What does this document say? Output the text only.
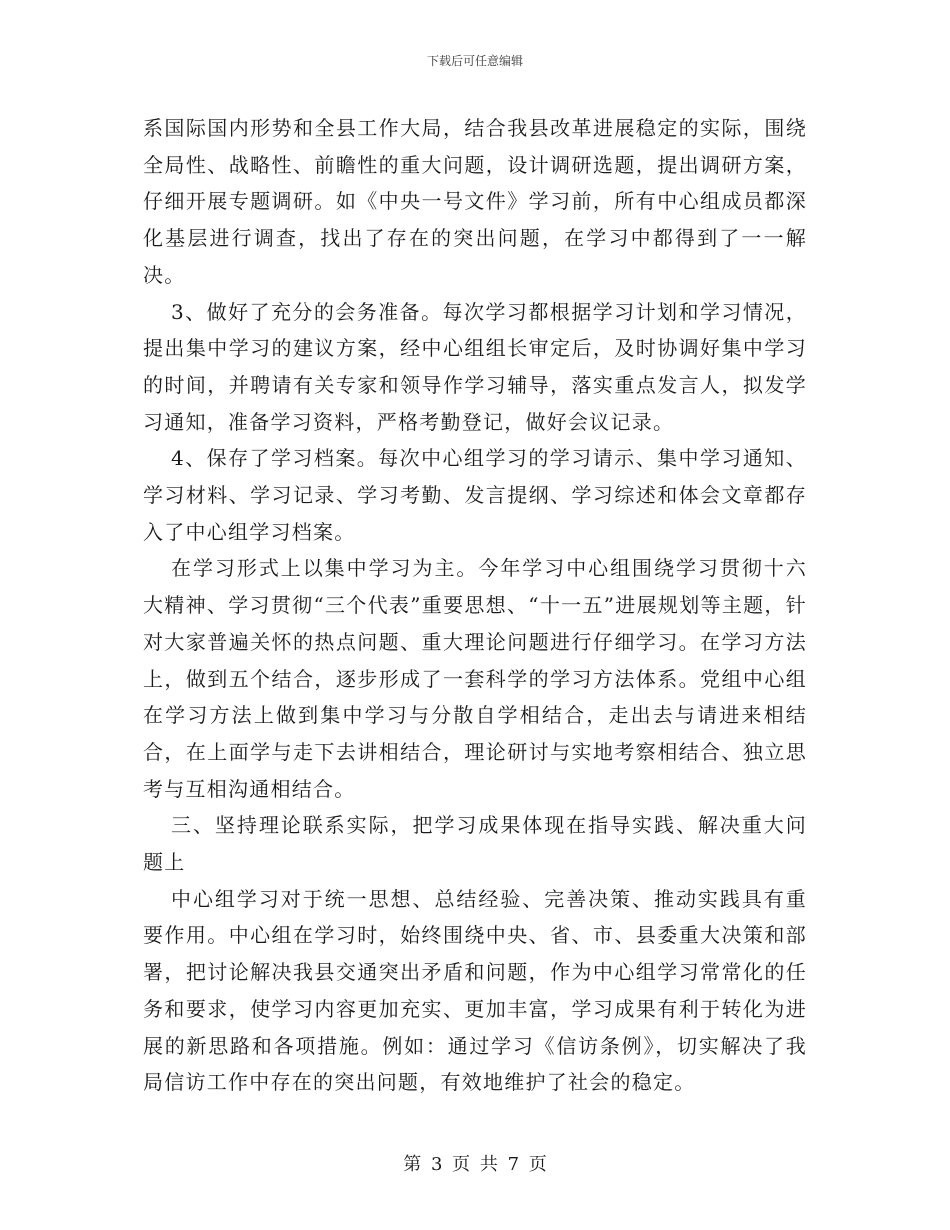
下载后可任意编辑

系国际国内形势和全县工作大局，结合我县改革进展稳定的实际，围绕全局性、战略性、前瞻性的重大问题，设计调研选题，提出调研方案，仔细开展专题调研。如《中央一号文件》学习前，所有中心组成员都深化基层进行调查，找出了存在的突出问题，在学习中都得到了一一解决。

3、做好了充分的会务准备。每次学习都根据学习计划和学习情况，提出集中学习的建议方案，经中心组组长审定后，及时协调好集中学习的时间，并聘请有关专家和领导作学习辅导，落实重点发言人，拟发学习通知，准备学习资料，严格考勤登记，做好会议记录。

4、保存了学习档案。每次中心组学习的学习请示、集中学习通知、学习材料、学习记录、学习考勤、发言提纲、学习综述和体会文章都存入了中心组学习档案。

在学习形式上以集中学习为主。今年学习中心组围绕学习贯彻十六大精神、学习贯彻“三个代表”重要思想、“十一五”进展规划等主题，针对大家普遍关怀的热点问题、重大理论问题进行仔细学习。在学习方法上，做到五个结合，逐步形成了一套科学的学习方法体系。党组中心组在学习方法上做到集中学习与分散自学相结合，走出去与请进来相结合，在上面学与走下去讲相结合，理论研讨与实地考察相结合、独立思考与互相沟通相结合。

三、坚持理论联系实际，把学习成果体现在指导实践、解决重大问题上

中心组学习对于统一思想、总结经验、完善决策、推动实践具有重要作用。中心组在学习时，始终围绕中央、省、市、县委重大决策和部署，把讨论解决我县交通突出矛盾和问题，作为中心组学习常常化的任务和要求，使学习内容更加充实、更加丰富，学习成果有利于转化为进展的新思路和各项措施。例如：通过学习《信访条例》，切实解决了我局信访工作中存在的突出问题，有效地维护了社会的稳定。

第 3 页 共 7 页
